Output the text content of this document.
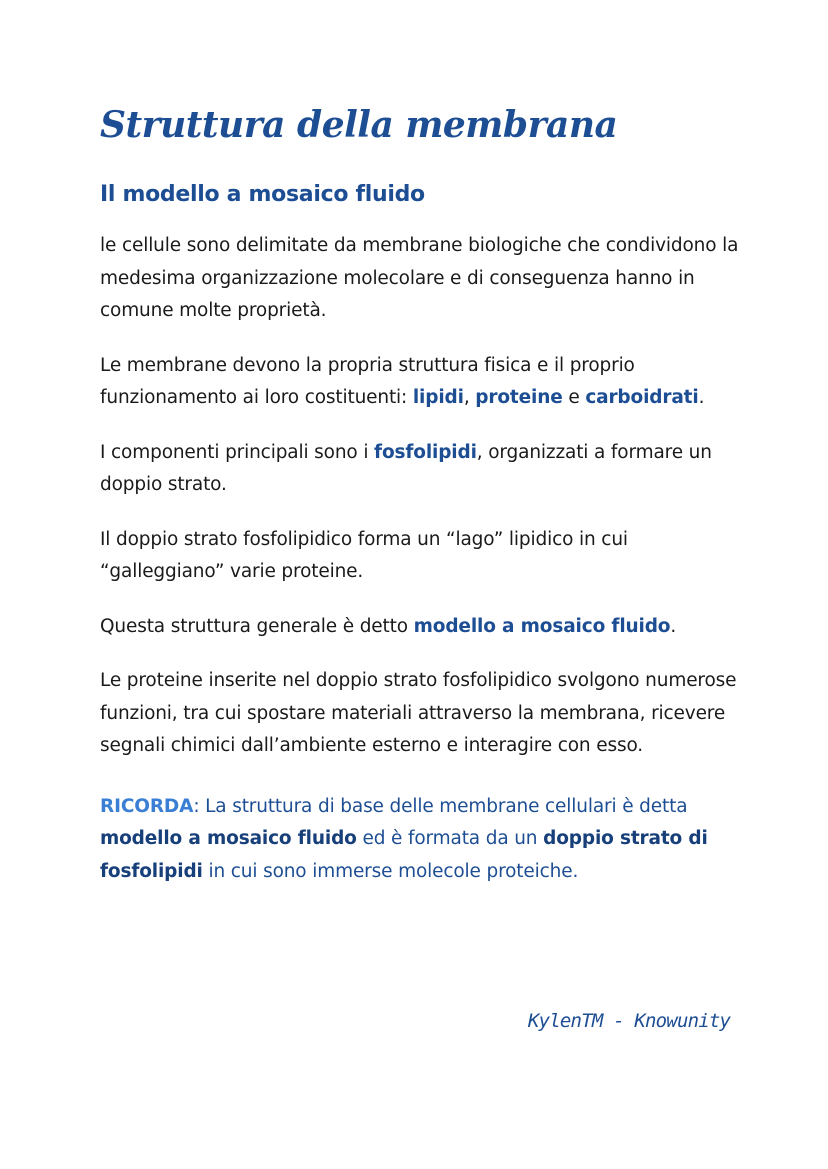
Struttura della membrana
Il modello a mosaico fluido

le cellule sono delimitate da membrane biologiche che condividono la medesima organizzazione molecolare e di conseguenza hanno in comune molte proprietà.

Le membrane devono la propria struttura fisica e il proprio funzionamento ai loro costituenti: lipidi, proteine e carboidrati.

I componenti principali sono i fosfolipidi, organizzati a formare un doppio strato.

Il doppio strato fosfolipidico forma un “lago” lipidico in cui “galleggiano” varie proteine.

Questa struttura generale è detto modello a mosaico fluido.

Le proteine inserite nel doppio strato fosfolipidico svolgono numerose funzioni, tra cui spostare materiali attraverso la membrana, ricevere segnali chimici dall’ambiente esterno e interagire con esso.

RICORDA: La struttura di base delle membrane cellulari è detta modello a mosaico fluido ed è formata da un doppio strato di fosfolipidi in cui sono immerse molecole proteiche.

KylenTM - Knowunity
